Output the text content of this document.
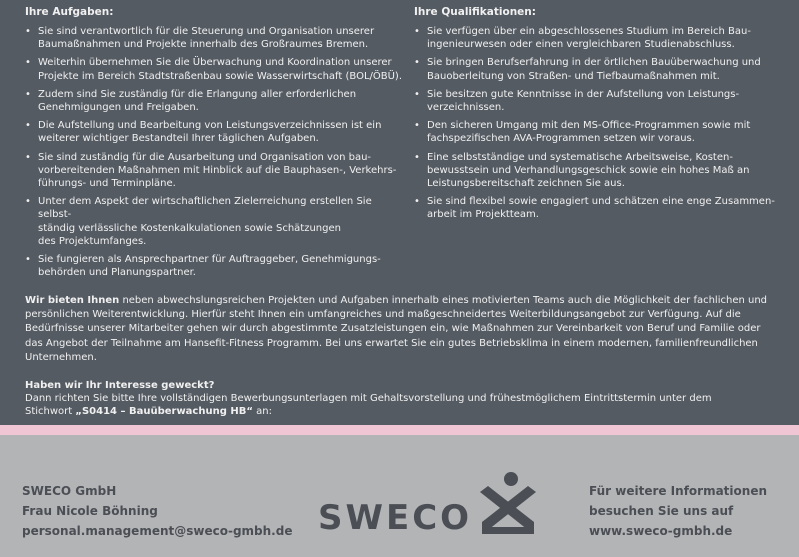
Ihre Aufgaben:
• Sie sind verantwortlich für die Steuerung und Organisation unserer
Baumaßnahmen und Projekte innerhalb des Großraumes Bremen.
• Weiterhin übernehmen Sie die Überwachung und Koordination unserer
Projekte im Bereich Stadtstraßenbau sowie Wasserwirtschaft (BOL/ÖBÜ).
• Zudem sind Sie zuständig für die Erlangung aller erforderlichen
Genehmigungen und Freigaben.
• Die Aufstellung und Bearbeitung von Leistungsverzeichnissen ist ein
weiterer wichtiger Bestandteil Ihrer täglichen Aufgaben.
• Sie sind zuständig für die Ausarbeitung und Organisation von bau-
vorbereitenden Maßnahmen mit Hinblick auf die Bauphasen-, Verkehrs-
führungs- und Terminpläne.
• Unter dem Aspekt der wirtschaftlichen Zielerreichung erstellen Sie selbst-
ständig verlässliche Kostenkalkulationen sowie Schätzungen
des Projektumfanges.
• Sie fungieren als Ansprechpartner für Auftraggeber, Genehmigungs-
behörden und Planungspartner.
Ihre Qualifikationen:
• Sie verfügen über ein abgeschlossenes Studium im Bereich Bau-
ingenieurwesen oder einen vergleichbaren Studienabschluss.
• Sie bringen Berufserfahrung in der örtlichen Bauüberwachung und
Bauoberleitung von Straßen- und Tiefbaumaßnahmen mit.
• Sie besitzen gute Kenntnisse in der Aufstellung von Leistungs-
verzeichnissen.
• Den sicheren Umgang mit den MS-Office-Programmen sowie mit
fachspezifischen AVA-Programmen setzen wir voraus.
• Eine selbstständige und systematische Arbeitsweise, Kosten-
bewusstsein und Verhandlungsgeschick sowie ein hohes Maß an
Leistungsbereitschaft zeichnen Sie aus.
• Sie sind flexibel sowie engagiert und schätzen eine enge Zusammen-
arbeit im Projektteam.
Wir bieten Ihnen neben abwechslungsreichen Projekten und Aufgaben innerhalb eines motivierten Teams auch die Möglichkeit der fachlichen und persönlichen Weiterentwicklung. Hierfür steht Ihnen ein umfangreiches und maßgeschneidertes Weiterbildungsangebot zur Verfügung. Auf die Bedürfnisse unserer Mitarbeiter gehen wir durch abgestimmte Zusatzleistungen ein, wie Maßnahmen zur Vereinbarkeit von Beruf und Familie oder das Angebot der Teilnahme am Hansefit-Fitness Programm. Bei uns erwartet Sie ein gutes Betriebsklima in einem modernen, familienfreundlichen Unternehmen.
Haben wir Ihr Interesse geweckt?
Dann richten Sie bitte Ihre vollständigen Bewerbungsunterlagen mit Gehaltsvorstellung und frühestmöglichem Eintrittstermin unter dem
Stichwort „S0414 – Bauüberwachung HB“ an:
SWECO GmbH
Frau Nicole Böhning
personal.management@sweco-gmbh.de SWECO
Für weitere Informationen
besuchen Sie uns auf
www.sweco-gmbh.de
